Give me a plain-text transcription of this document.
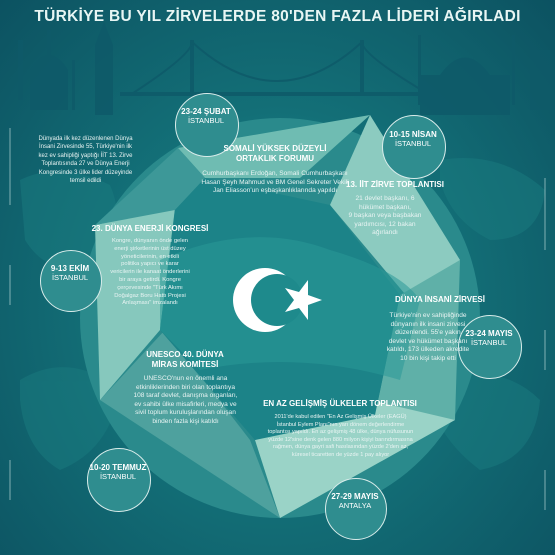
TÜRKİYE BU YIL ZİRVELERDE 80'DEN FAZLA LİDERİ AĞIRLADI
23-24 ŞUBAT
İSTANBUL
10-15 NİSAN
İSTANBUL
23-24 MAYIS
İSTANBUL
27-29 MAYIS
ANTALYA
10-20 TEMMUZ
İSTANBUL
9-13 EKİM
İSTANBUL
SOMALİ YÜKSEK DÜZEYLİ
ORTAKLIK FORUMU
Cumhurbaşkanı Erdoğan, Somali Cumhurbaşkanı
Hasan Şeyh Mahmud ve BM Genel Sekreter Vekili
Jan Eliasson'un eşbaşkanlıklarında yapıldı
13. İİT ZİRVE TOPLANTISI
21 devlet başkanı, 6
hükümet başkanı,
9 başkan veya başbakan
yardımcısı, 12 bakan
ağırlandı
DÜNYA İNSANİ ZİRVESİ
Türkiye'nin ev sahipliğinde
dünyanın ilk insani zirvesi
düzenlendi. 55'e yakın
devlet ve hükümet başkanı
katıldı, 173 ülkeden akredite
10 bin kişi takip etti
EN AZ GELİŞMİŞ ÜLKELER TOPLANTISI
2011'de kabul edilen "En Az Gelişmiş Ülkeler (EAGÜ)
İstanbul Eylem Planı"nın yarı dönem değerlendirme
toplantısı yapıldı. En az gelişmiş 48 ülke, dünya nüfusunun
yüzde 12'sine denk gelen 880 milyon kişiyi barındırmasına
rağmen, dünya gayri safi hasılasından yüzde 2'den az,
küresel ticaretten de yüzde 1 pay alıyor
UNESCO 40. DÜNYA
MİRAS KOMİTESİ
UNESCO'nun en önemli ana
etkinliklerinden biri olan toplantıya
108 taraf devlet, danışma organları,
ev sahibi ülke misafirleri, medya ve
sivil toplum kuruluşlarından oluşan
binden fazla kişi katıldı
23. DÜNYA ENERJİ KONGRESİ
Kongre, dünyanın önde gelen
enerji şirketlerinin üst düzey
yöneticilerinin, en etkili
politika yapıcı ve karar
vericilerin ile kanaat önderlerini
bir araya getirdi. Kongre
çerçevesinde "Türk Akımı
Doğalgaz Boru Hattı Projesi
Anlaşması" imzalandı
Dünyada ilk kez düzenlenen Dünya
İnsani Zirvesinde 55, Türkiye'nin ilk
kez ev sahipliği yaptığı İİT 13. Zirve
Toplantısında 27 ve Dünya Enerji
Kongresinde 3 ülke lider düzeyinde
temsil edildi
